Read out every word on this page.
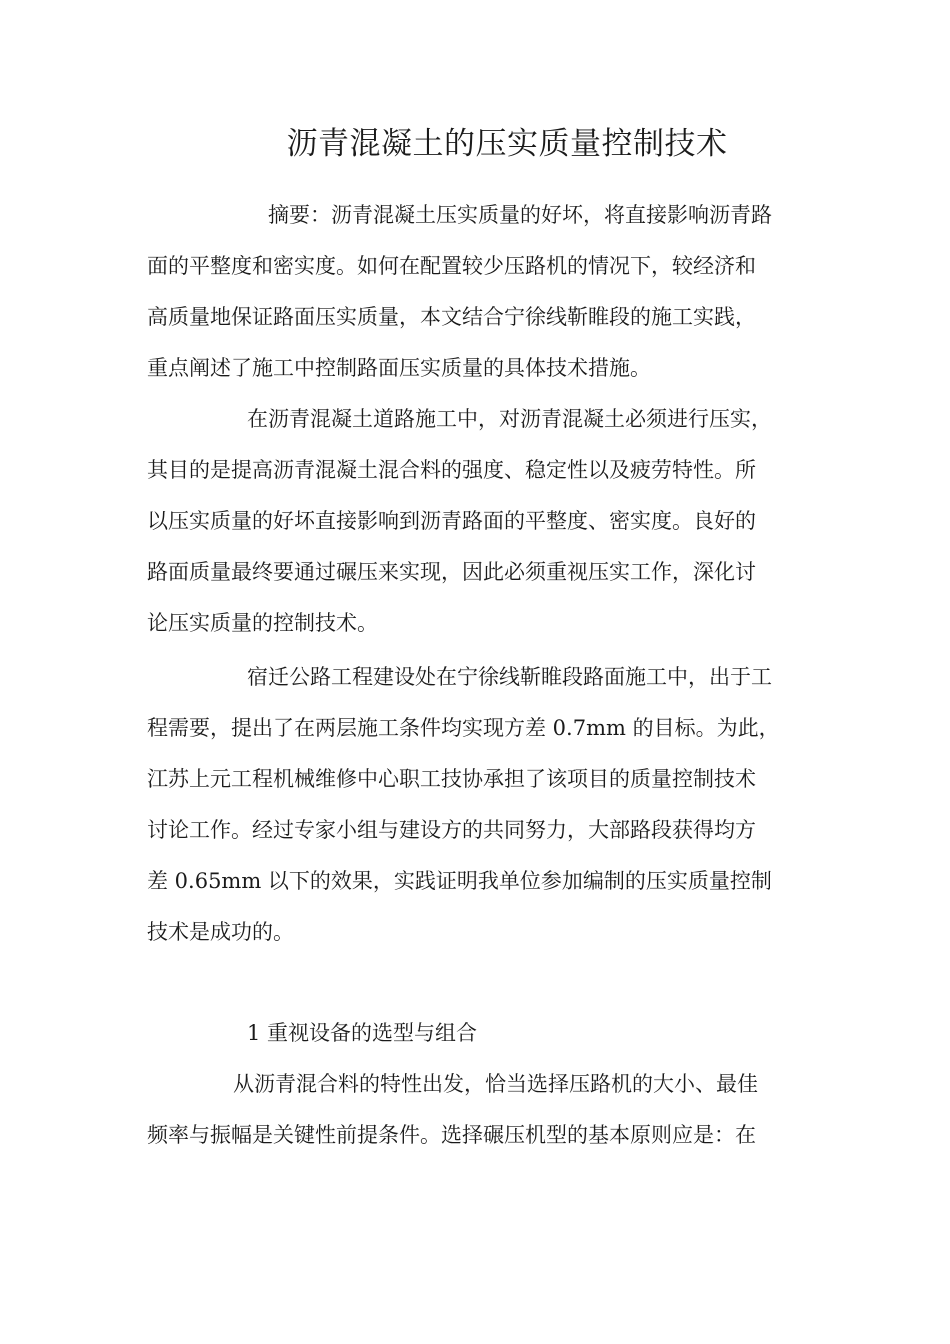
沥青混凝土的压实质量控制技术

摘要：沥青混凝土压实质量的好坏，将直接影响沥青路

面的平整度和密实度。如何在配置较少压路机的情况下，较经济和

高质量地保证路面压实质量，本文结合宁徐线靳睢段的施工实践，

重点阐述了施工中控制路面压实质量的具体技术措施。

在沥青混凝土道路施工中，对沥青混凝土必须进行压实，

其目的是提高沥青混凝土混合料的强度、稳定性以及疲劳特性。所

以压实质量的好坏直接影响到沥青路面的平整度、密实度。良好的

路面质量最终要通过碾压来实现，因此必须重视压实工作，深化讨

论压实质量的控制技术。

宿迁公路工程建设处在宁徐线靳睢段路面施工中，出于工

程需要，提出了在两层施工条件均实现方差 0.7mm 的目标。为此，

江苏上元工程机械维修中心职工技协承担了该项目的质量控制技术

讨论工作。经过专家小组与建设方的共同努力，大部路段获得均方

差 0.65mm 以下的效果，实践证明我单位参加编制的压实质量控制

技术是成功的。

1 重视设备的选型与组合

从沥青混合料的特性出发，恰当选择压路机的大小、最佳

频率与振幅是关键性前提条件。选择碾压机型的基本原则应是：在
